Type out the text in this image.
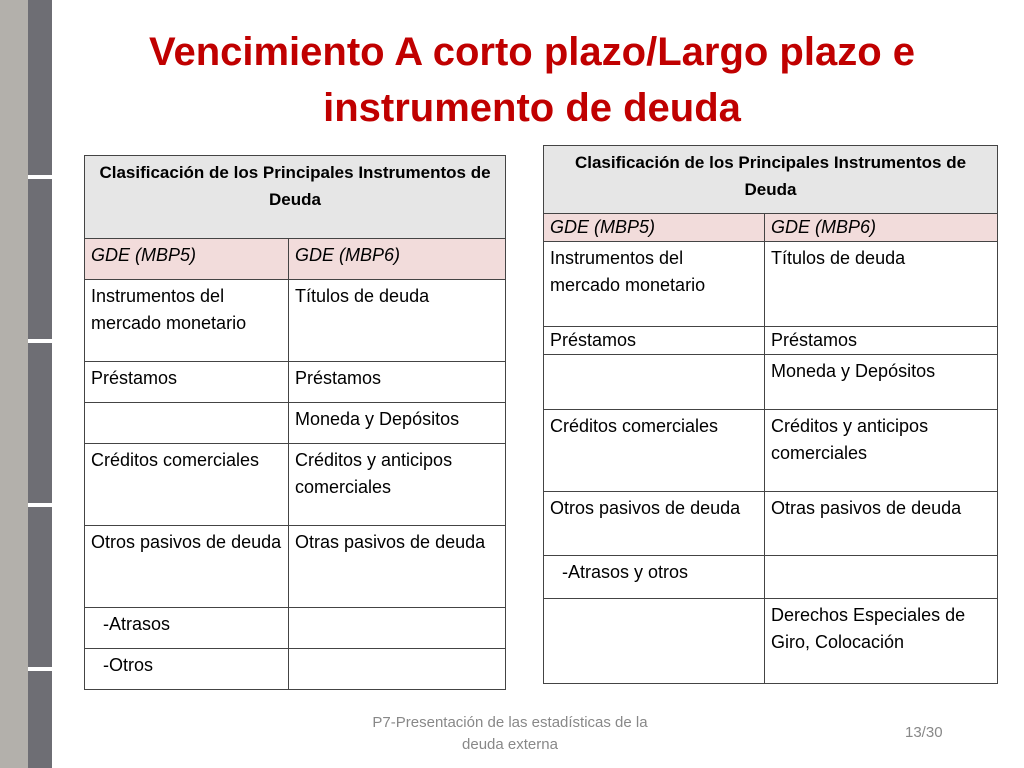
Vencimiento A corto plazo/Largo plazo e instrumento de deuda
Clasificación de los Principales Instrumentos de Deuda	
GDE (MBP5)	GDE (MBP6)
Instrumentos del mercado monetario	Títulos de deuda
Préstamos	Préstamos
	Moneda y Depósitos
Créditos comerciales	Créditos y anticipos comerciales
Otros pasivos de deuda	Otras pasivos de deuda
-Atrasos	
-Otros	
Clasificación de los Principales Instrumentos de Deuda	
GDE (MBP5)	GDE (MBP6)
Instrumentos del mercado monetario	Títulos de deuda
Préstamos	Préstamos
	Moneda y Depósitos
Créditos comerciales	Créditos y anticipos comerciales
Otros pasivos de deuda	Otras pasivos de deuda
-Atrasos y otros	
	Derechos Especiales de Giro, Colocación
P7-Presentación de las estadísticas de la deuda externa
13/30
